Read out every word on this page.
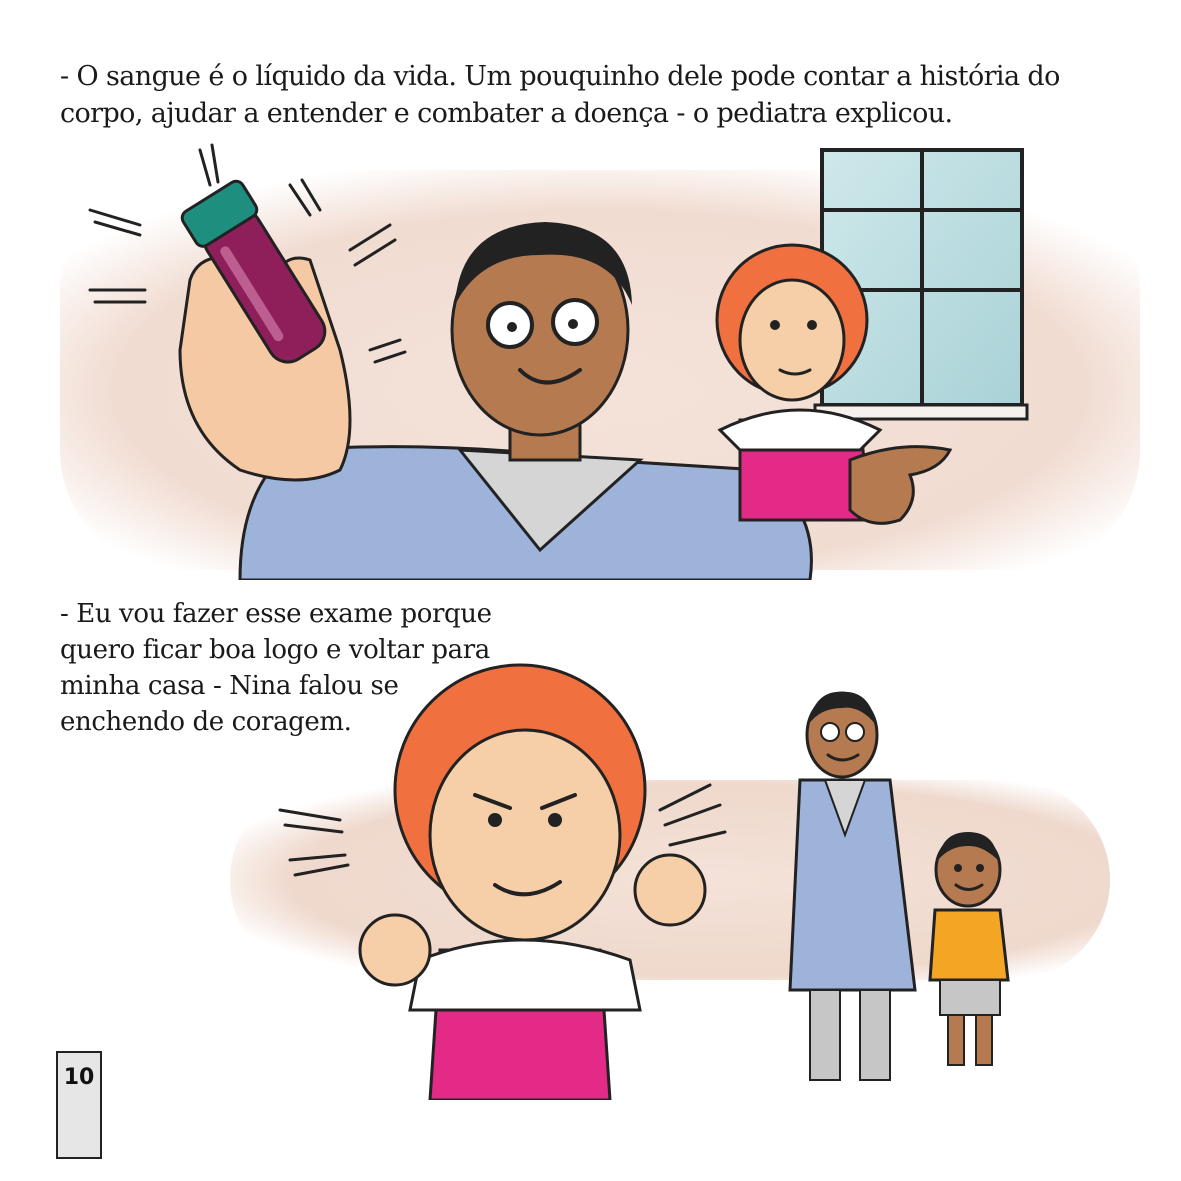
- O sangue é o líquido da vida. Um pouquinho dele pode contar a história do corpo, ajudar a entender e combater a doença - o pediatra explicou.

- Eu vou fazer esse exame porque
quero ficar boa logo e voltar para
minha casa - Nina falou se
enchendo de coragem.

10
